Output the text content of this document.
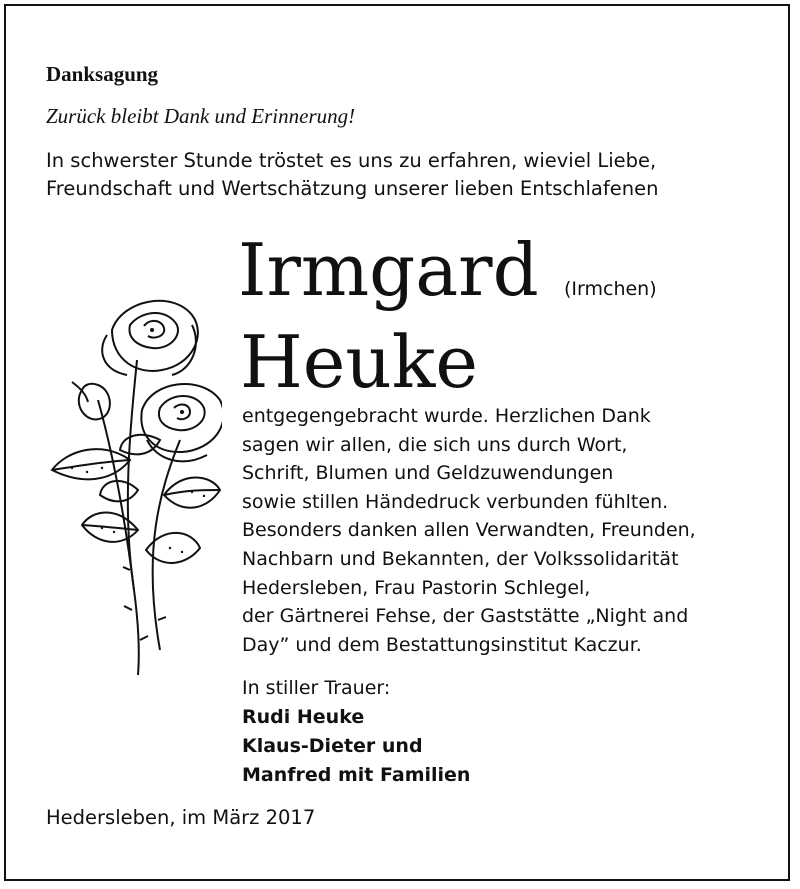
Danksagung
Zurück bleibt Dank und Erinnerung!
In schwerster Stunde tröstet es uns zu erfahren, wieviel Liebe,
Freundschaft und Wertschätzung unserer lieben Entschlafenen
Irmgard (Irmchen)
Heuke
entgegengebracht wurde. Herzlichen Dank
sagen wir allen, die sich uns durch Wort,
Schrift, Blumen und Geldzuwendungen
sowie stillen Händedruck verbunden fühlten.
Besonders danken allen Verwandten, Freunden,
Nachbarn und Bekannten, der Volkssolidarität
Hedersleben, Frau Pastorin Schlegel,
der Gärtnerei Fehse, der Gaststätte „Night and
Day” und dem Bestattungsinstitut Kaczur.
In stiller Trauer:
Rudi Heuke
Klaus-Dieter und
Manfred mit Familien
Hedersleben, im März 2017
